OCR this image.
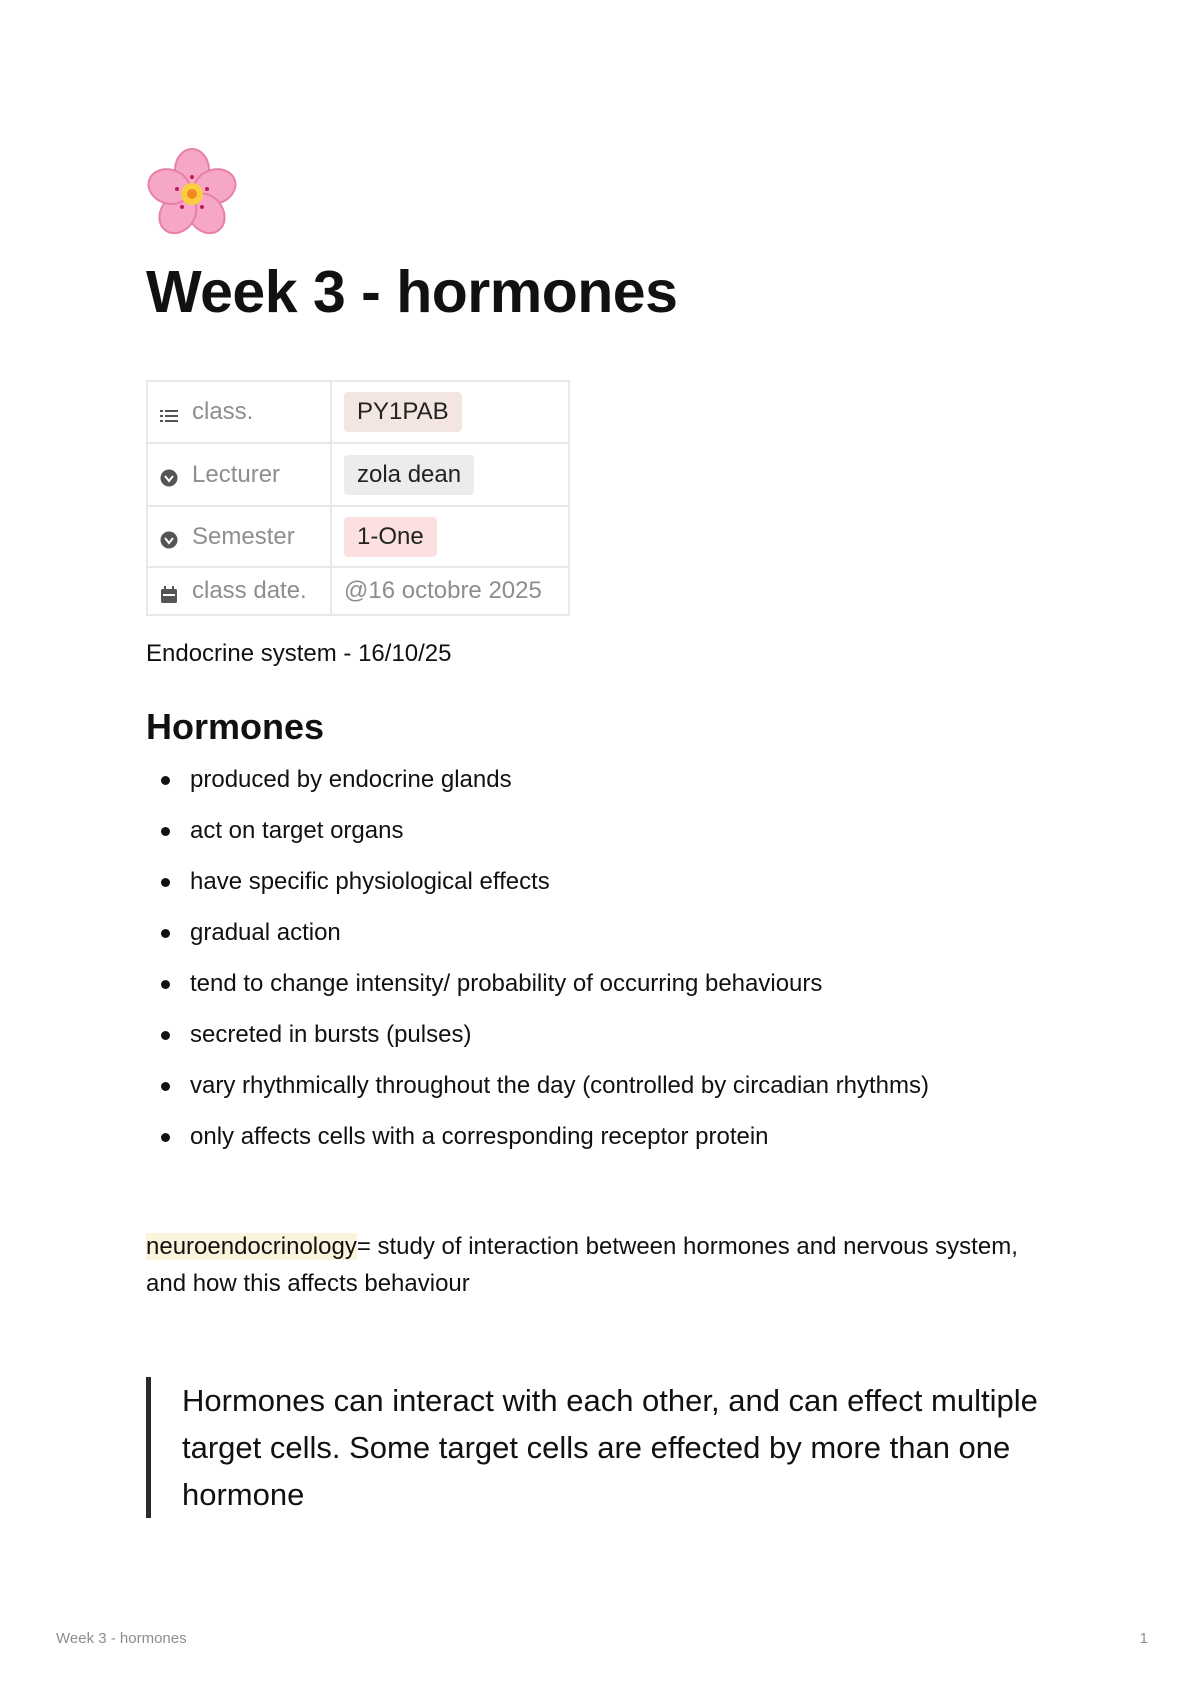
Week 3 - hormones
class.	PY1PAB
Lecturer	zola dean
Semester	1-One
class date.	@16 octobre 2025

Endocrine system - 16/10/25

Hormones
produced by endocrine glands
act on target organs
have specific physiological effects
gradual action
tend to change intensity/ probability of occurring behaviours
secreted in bursts (pulses)
vary rhythmically throughout the day (controlled by circadian rhythms)
only affects cells with a corresponding receptor protein

neuroendocrinology= study of interaction between hormones and nervous system, and how this affects behaviour

Hormones can interact with each other, and can effect multiple target cells. Some target cells are effected by more than one hormone
Week 3 - hormones	1
